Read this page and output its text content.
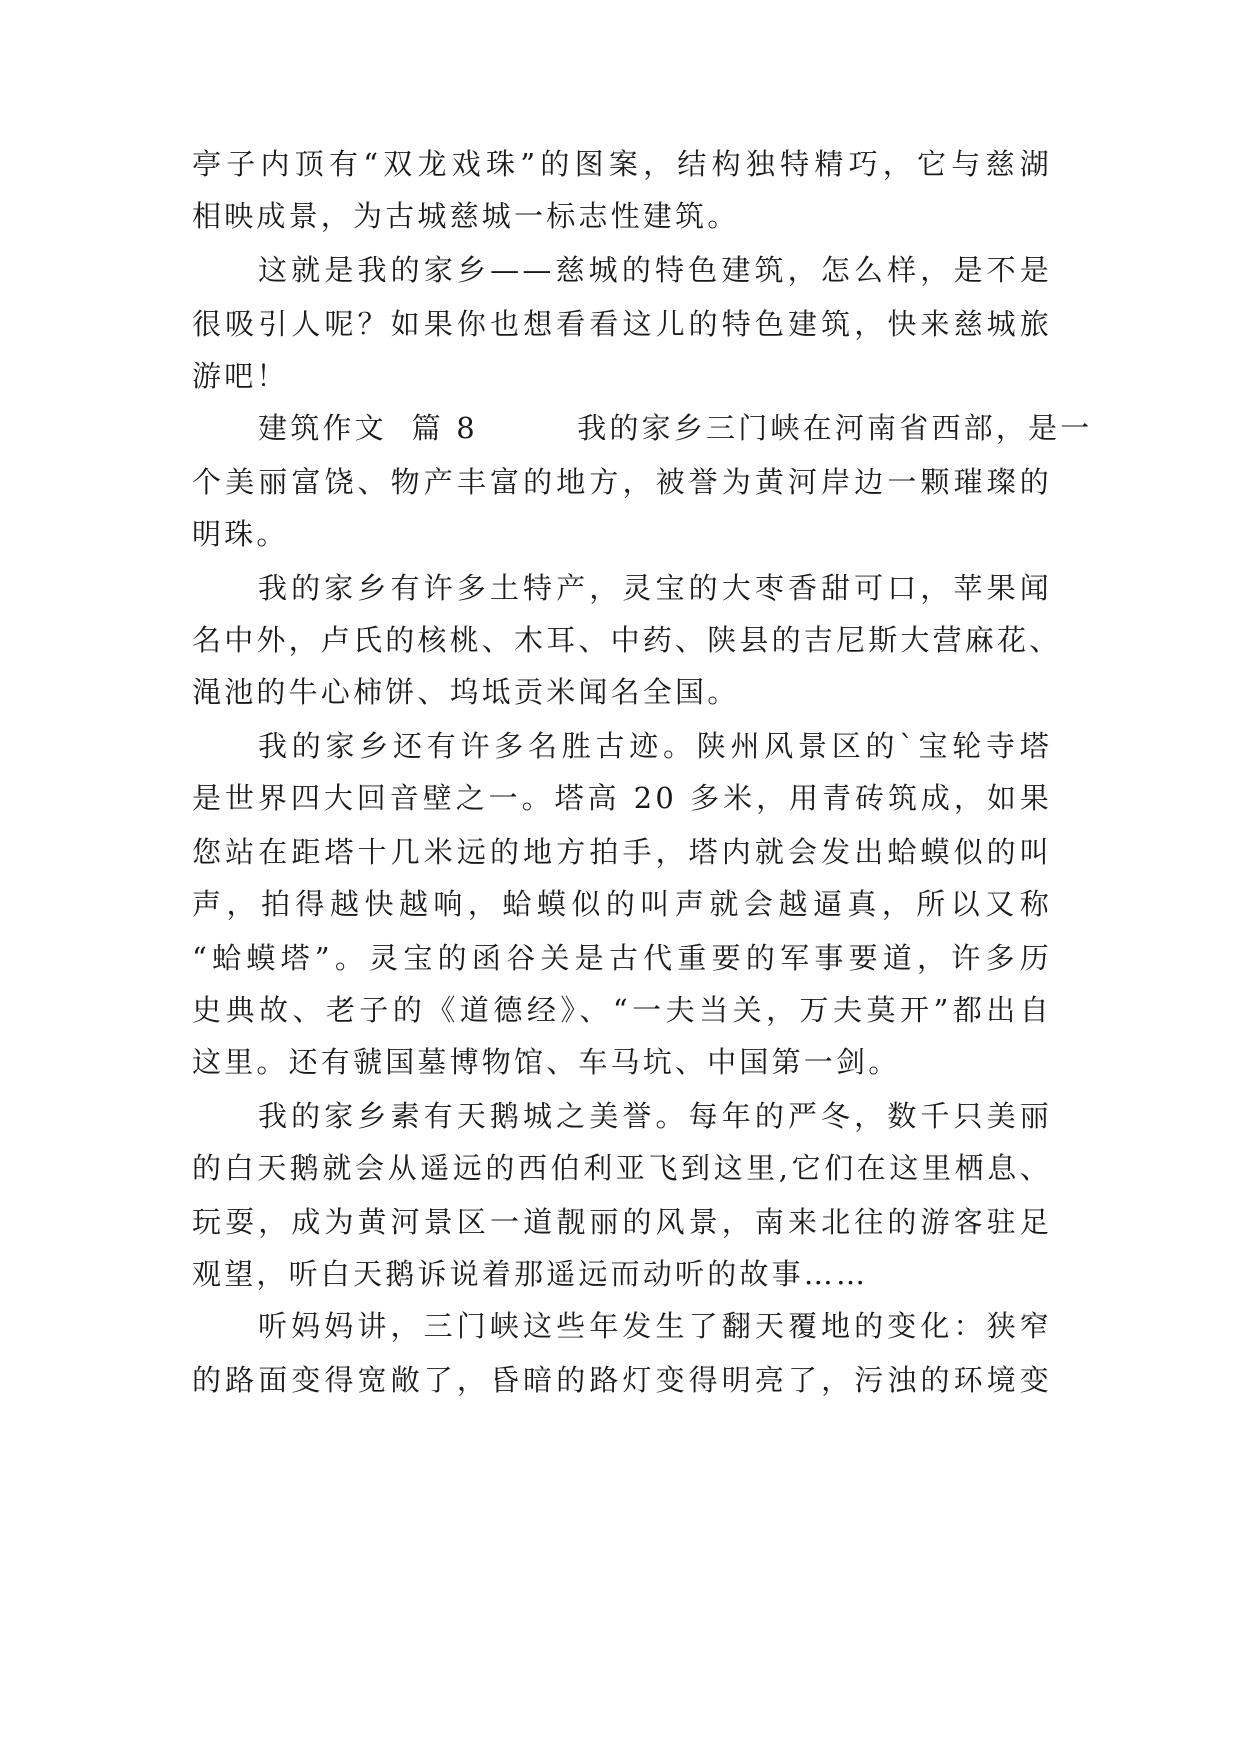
亭子内顶有“双龙戏珠”的图案，结构独特精巧，它与慈湖
相映成景，为古城慈城一标志性建筑。
这就是我的家乡——慈城的特色建筑，怎么样，是不是
很吸引人呢？如果你也想看看这儿的特色建筑，快来慈城旅
游吧！
建筑作文  篇 8        我的家乡三门峡在河南省西部，是一
个美丽富饶、物产丰富的地方，被誉为黄河岸边一颗璀璨的
明珠。
我的家乡有许多土特产，灵宝的大枣香甜可口，苹果闻
名中外，卢氏的核桃、木耳、中药、陕县的吉尼斯大营麻花、
渑池的牛心柿饼、坞坻贡米闻名全国。
我的家乡还有许多名胜古迹。陕州风景区的`宝轮寺塔
是世界四大回音壁之一。塔高 20 多米，用青砖筑成，如果
您站在距塔十几米远的地方拍手，塔内就会发出蛤蟆似的叫
声，拍得越快越响，蛤蟆似的叫声就会越逼真，所以又称
“蛤蟆塔”。灵宝的函谷关是古代重要的军事要道，许多历
史典故、老子的《道德经》、“一夫当关，万夫莫开”都出自
这里。还有虢国墓博物馆、车马坑、中国第一剑。
我的家乡素有天鹅城之美誉。每年的严冬，数千只美丽
的白天鹅就会从遥远的西伯利亚飞到这里,它们在这里栖息、
玩耍，成为黄河景区一道靓丽的风景，南来北往的游客驻足
观望，听白天鹅诉说着那遥远而动听的故事……
听妈妈讲，三门峡这些年发生了翻天覆地的变化：狭窄
的路面变得宽敞了，昏暗的路灯变得明亮了，污浊的环境变
